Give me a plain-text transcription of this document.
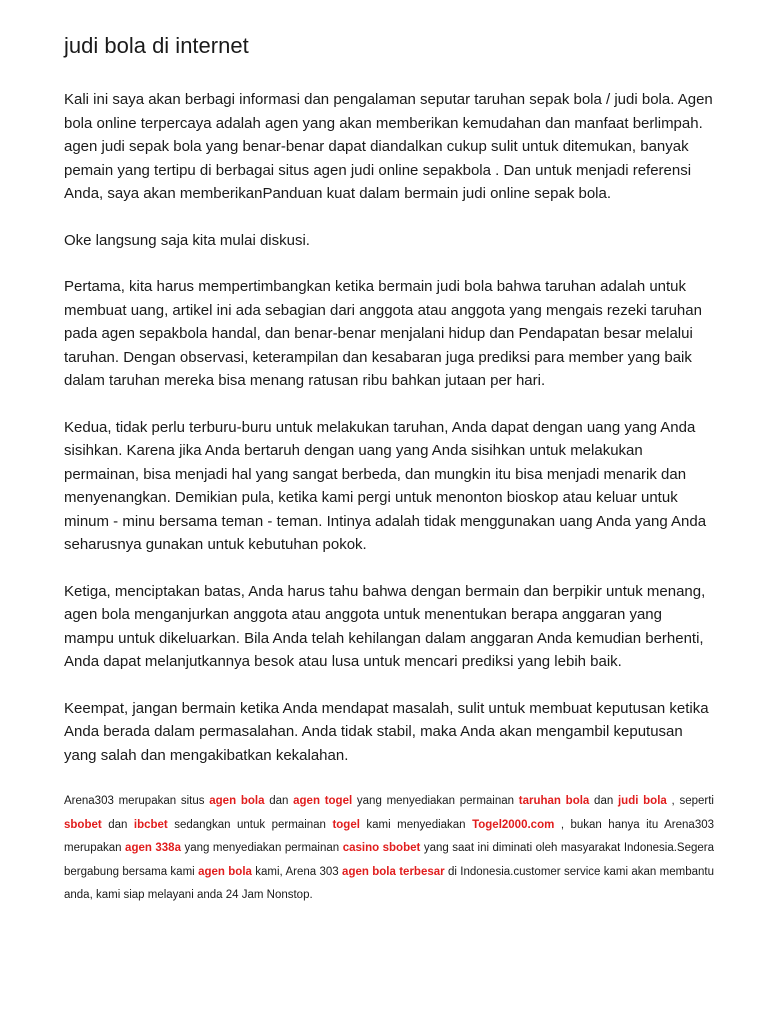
judi bola di internet

Kali ini saya akan berbagi informasi dan pengalaman seputar taruhan sepak bola / judi bola. Agen bola online terpercaya adalah agen yang akan memberikan kemudahan dan manfaat berlimpah. agen judi sepak bola yang benar-benar dapat diandalkan cukup sulit untuk ditemukan, banyak pemain yang tertipu di berbagai situs agen judi online sepakbola . Dan untuk menjadi referensi Anda, saya akan memberikanPanduan kuat dalam bermain judi online sepak bola.

Oke langsung saja kita mulai diskusi.

Pertama, kita harus mempertimbangkan ketika bermain judi bola bahwa taruhan adalah untuk membuat uang, artikel ini ada sebagian dari anggota atau anggota yang mengais rezeki taruhan pada agen sepakbola handal, dan benar-benar menjalani hidup dan Pendapatan besar melalui taruhan. Dengan observasi, keterampilan dan kesabaran juga prediksi para member yang baik dalam taruhan mereka bisa menang ratusan ribu bahkan jutaan per hari.

Kedua, tidak perlu terburu-buru untuk melakukan taruhan, Anda dapat dengan uang yang Anda sisihkan. Karena jika Anda bertaruh dengan uang yang Anda sisihkan untuk melakukan permainan, bisa menjadi hal yang sangat berbeda, dan mungkin itu bisa menjadi menarik dan menyenangkan. Demikian pula, ketika kami pergi untuk menonton bioskop atau keluar untuk minum - minu bersama teman - teman. Intinya adalah tidak menggunakan uang Anda yang Anda seharusnya gunakan untuk kebutuhan pokok.

Ketiga, menciptakan batas, Anda harus tahu bahwa dengan bermain dan berpikir untuk menang, agen bola menganjurkan anggota atau anggota untuk menentukan berapa anggaran yang mampu untuk dikeluarkan. Bila Anda telah kehilangan dalam anggaran Anda kemudian berhenti, Anda dapat melanjutkannya besok atau lusa untuk mencari prediksi yang lebih baik.

Keempat, jangan bermain ketika Anda mendapat masalah, sulit untuk membuat keputusan ketika Anda berada dalam permasalahan. Anda tidak stabil, maka Anda akan mengambil keputusan yang salah dan mengakibatkan kekalahan.

Arena303 merupakan situs agen bola dan agen togel yang menyediakan permainan taruhan bola dan judi bola , seperti sbobet dan ibcbet sedangkan untuk permainan togel kami menyediakan Togel2000.com , bukan hanya itu Arena303 merupakan agen 338a yang menyediakan permainan casino sbobet yang saat ini diminati oleh masyarakat Indonesia.Segera bergabung bersama kami agen bola kami, Arena 303 agen bola terbesar di Indonesia.customer service kami akan membantu anda, kami siap melayani anda 24 Jam Nonstop.
